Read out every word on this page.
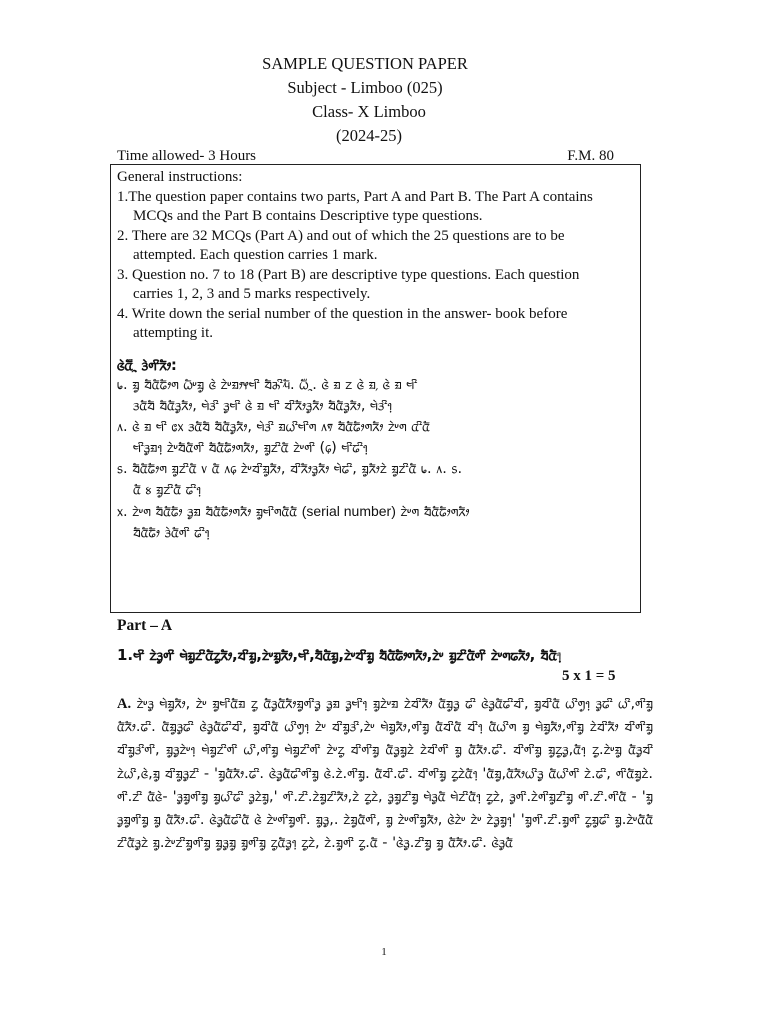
SAMPLE QUESTION PAPER
Subject - Limboo (025)
Class- X Limboo
(2024-25)
Time allowed- 3 Hours	F.M. 80

General instructions:

1.The question paper contains two parts, Part A and Part B. The Part A contains

MCQs and the Part B contains Descriptive type questions.

2. There are 32 MCQs (Part A) and out of which the 25 questions are to be

attempted. Each question carries 1 mark.

3. Question no. 7 to 18 (Part B) are descriptive type questions. Each question

carries 1, 2, 3 and 5 marks respectively.

4. Write down the serial number of the question in the answer- book before

attempting it.

ᤜᤧᤂᤠ᤺ᤳ ᤋᤧᤛᤡᤖᤥ:

᥇. ᤀᤢ ᤔᤠᤂᤠᤒᤥᤛ ᤐᤠᤸᤀᤢ ᤜᤧ ᤁᤧᤸᤀᤣᤶᤗᤡ ᤔᤠᤌᤡᤘᤠ. ᤐᤠ᤺ᤳ. ᤜᤧ ᤀ ᤁ ᤜᤧ ᤀ᤹ ᤜᤧ ᤀ ᤗᤡ

ᤋᤂᤠᤔᤠ ᤔᤠᤂᤠᤋᤢᤖᤥ, ᤗᤧᤋᤡ ᤋᤢᤗᤡ ᤜᤧ ᤀ ᤗᤡ ᤔᤡᤖᤥᤋᤢᤖᤥ ᤔᤠᤂᤠᤋᤢᤖᤥ, ᤗᤧᤋᤡ᥄

᥈. ᤜᤧ ᤀ ᤗᤡ ᥋᥊ ᤋᤂᤠᤔᤠ ᤔᤠᤂᤠᤋᤢᤖᤥ, ᤗᤧᤋᤡ ᤀᤐᤡᤗᤡᤛ ᥈᥏ ᤔᤠᤂᤠᤒᤥᤛᤖᤥ ᤁᤧᤸᤛ ᤂᤡᤂᤠ

ᤗᤡᤋᤢᤀ᥄ ᤁᤧᤸᤔᤠᤂᤠᤛᤡ ᤔᤠᤂᤠᤒᤥᤛᤖᤥ, ᤀᤢᤁᤡᤂᤠ ᤁᤧᤸᤛᤡ (᥌) ᤗᤡᤒᤡ᥄

᥉. ᤔᤠᤂᤠᤒᤥᤛ ᤀᤢᤁᤡᤂᤠ ᥎ ᤂᤠ ᥈᥌ ᤁᤧᤸᤔᤡᤀᤢᤖᤥ, ᤔᤡᤖᤥᤋᤢᤖᤥ ᤗᤧᤒᤡ, ᤀᤢᤖᤥᤁᤧ ᤀᤢᤁᤡᤂᤠ ᥇. ᥈. ᥉.

ᤂᤠ ᥍ ᤀᤢᤁᤡᤂᤠ ᤒᤡ᥄

᥊. ᤁᤧᤸᤛ ᤔᤠᤂᤠᤒᤥ ᤋᤢᤀ ᤔᤠᤂᤠᤒᤥᤛᤖᤥ ᤀᤢᤗᤡᤛᤂᤠᤂᤠ (serial number) ᤁᤧᤸᤛ ᤔᤠᤂᤠᤒᤥᤛᤖᤥ

ᤔᤠᤂᤠᤒᤥ ᤋᤧᤂᤠᤛᤡ ᤒᤡ᥄

Part – A
1.ᤗᤡ ᤁᤧᤋᤢᤛᤡ ᤗᤧᤀᤢᤁᤡᤂᤠᤁᤢᤖᤥ,ᤔᤡᤀᤢ,ᤁᤧᤸᤀᤢᤖᤥ,ᤗᤡ,ᤔᤠᤂᤠᤀᤢ,ᤁᤧᤸᤔᤡᤀᤢ ᤔᤠᤂᤠᤒᤥᤛᤖᤥ,ᤁᤧᤸ ᤀᤢᤁᤡᤂᤠᤛᤡ ᤁᤧᤸᤛᤒᤖᤥ, ᤔᤠᤂᤠ᥄
5 x 1 = 5
A. ᤁᤧᤸᤋᤢ ᤗᤧᤀᤢᤖᤥ, ᤁᤧᤸ ᤀᤢᤗᤡᤂᤠᤀ ᤁᤢ ᤂᤠᤋᤢᤂᤠᤖᤥᤀᤢᤛᤡᤋᤢ ᤋᤢᤀ ᤋᤢᤗᤡ᥄ ᤀᤢᤁᤧᤸᤀ ᤁᤧᤔᤡᤖᤥ ᤂᤠᤀᤢᤋᤢ ᤒᤡ ᤜᤧᤋᤢᤂᤠᤒᤡᤔᤡ, ᤀᤢᤔᤡᤂᤠ ᤐᤡᤛᤢ᥄ ᤋᤢᤒᤡ ᤐᤡ,ᤛᤡᤀᤢ ᤂᤠᤖᤥ.ᤒᤡ. ᤂᤠᤀᤢᤋᤢᤒᤡ ᤜᤧᤋᤢᤂᤠᤒᤡᤔᤡ, ᤀᤢᤔᤡᤂᤠ ᤐᤡᤛᤢ᥄ ᤁᤧᤸ ᤔᤡᤀᤢᤋᤡ,ᤁᤧᤸ ᤗᤧᤀᤢᤖᤥ,ᤛᤡᤀᤢ ᤂᤠᤔᤡᤂᤠ ᤔᤡ᥄ ᤂᤠᤐᤡᤛ ᤀᤢ ᤗᤧᤀᤢᤖᤥ,ᤛᤡᤀᤢ ᤁᤧᤔᤡᤖᤥ ᤔᤡᤛᤡᤀᤢ ᤔᤡᤀᤢᤋᤡᤛᤡ, ᤀᤢᤋᤢᤁᤧᤸ᥄ ᤗᤧᤀᤢᤁᤡᤛᤡ ᤐᤡ,ᤛᤡᤀᤢ ᤗᤧᤀᤢᤁᤡᤛᤡ ᤁᤧᤸᤁᤢ ᤔᤡᤛᤡᤀᤢ ᤂᤠᤋᤢᤀᤢᤁᤧ ᤁᤧᤔᤡᤛᤡ ᤀᤢ ᤂᤠᤖᤥ.ᤒᤡ. ᤔᤡᤛᤡᤀᤢ ᤀᤢᤁᤢᤋᤢ,ᤂᤠ᥄ ᤁᤢ.ᤁᤧᤸᤀᤢ ᤂᤠᤋᤢᤔᤡ ᤁᤧᤐᤡ,ᤜᤧ,ᤀᤢ ᤔᤡᤀᤢᤋᤢᤁᤡ - 'ᤀᤢᤂᤠᤖᤥ.ᤒᤡ. ᤜᤧᤋᤢᤂᤠᤒᤡᤛᤡᤀᤢ ᤜᤧ.ᤁᤧ.ᤛᤡᤀᤢ. ᤂᤠᤔᤡ.ᤒᤡ. ᤔᤡᤛᤡᤀᤢ ᤁᤢᤁᤧᤂᤠ᥄ 'ᤂᤠᤀᤢ,ᤂᤠᤖᤥᤐᤡᤋᤢ ᤂᤠᤐᤡᤛᤡ ᤁᤧ.ᤒᤡ, ᤛᤡᤂᤠᤀᤢᤁᤧ. ᤛᤡ.ᤁᤡ ᤂᤠᤜᤧ- 'ᤋᤢᤀᤢᤛᤡᤀᤢ ᤀᤢᤐᤡᤒᤡ ᤋᤢᤁᤧᤀᤢ,' ᤛᤡ.ᤁᤡ.ᤁᤧᤀᤢᤁᤡᤖᤥ,ᤁᤧ ᤁᤢᤁᤧ, ᤋᤢᤀᤢᤁᤡᤀᤢ ᤗᤧᤋᤢᤂᤠ ᤗᤧᤁᤡᤂᤠ᥄ ᤁᤢᤁᤧ, ᤋᤢᤛᤡ.ᤁᤧᤛᤡᤀᤢᤁᤡᤀᤢ ᤛᤡ.ᤁᤡ.ᤛᤡᤂᤠ - 'ᤀᤢ ᤋᤢᤀᤢᤛᤡᤀᤢ ᤀᤢ ᤂᤠᤖᤥ.ᤒᤡ. ᤜᤧᤋᤢᤂᤠᤒᤡᤂᤠ ᤜᤧ ᤁᤧᤸᤛᤡᤀᤢᤛᤡ. ᤀᤢᤋᤢ,. ᤁᤧᤀᤢᤂᤠᤛᤡ, ᤀᤢ ᤁᤧᤸᤛᤡᤀᤢᤖᤥ, ᤜᤧᤁᤧᤸ ᤁᤧᤸ ᤁᤧᤋᤢᤀᤢ᥄' 'ᤀᤢᤛᤡ.ᤁᤡ.ᤀᤢᤛᤡ ᤁᤢᤀᤢᤒᤡ ᤀᤢ.ᤁᤧᤸᤂᤠᤂᤠ ᤁᤡᤂᤠᤋᤢᤁᤧ ᤀᤢ.ᤁᤧᤸᤁᤡᤀᤢᤛᤡᤀᤢ ᤀᤢᤋᤢᤀᤢ ᤀᤢᤛᤡᤀᤢ ᤁᤢᤂᤠᤋᤢ᥄ ᤁᤢᤁᤧ, ᤁᤧ.ᤀᤢᤛᤡ ᤁᤢ.ᤂᤠ - 'ᤜᤧᤋᤢ.ᤁᤡᤀᤢ ᤀᤢ ᤂᤠᤖᤥ.ᤒᤡ. ᤜᤧᤋᤢᤂᤠ
1
